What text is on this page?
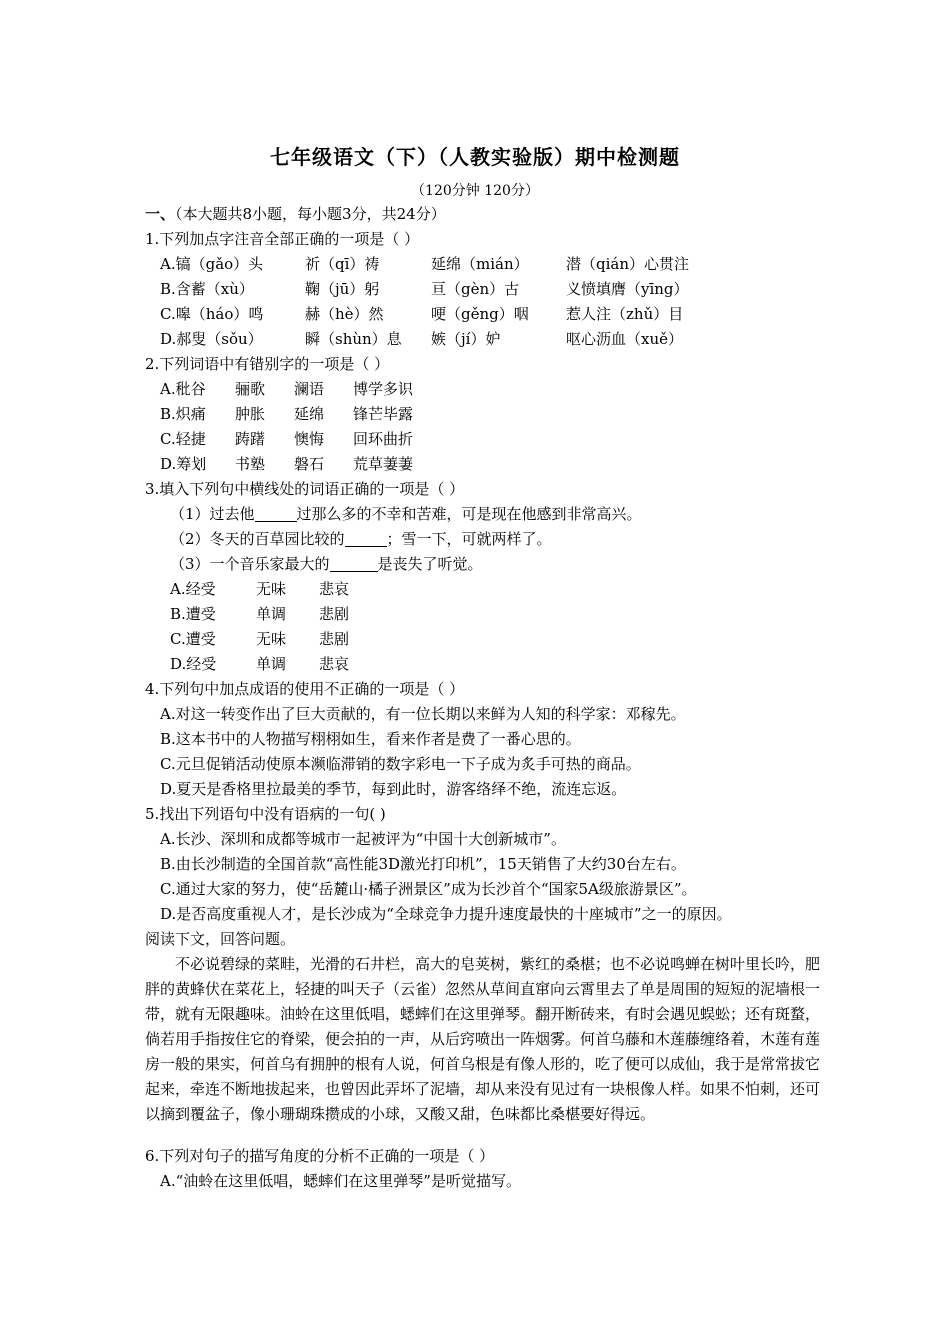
七年级语文（下）（人教实验版）期中检测题
（120分钟 120分）
一、（本大题共8小题，每小题3分，共24分）
1.下列加点字注音全部正确的一项是（ ）
A.镐（gǎo）头	祈（qī）祷	延绵（mián） 潜（qián）心贯注
B.含蓄（xù）	鞠（jū）躬	亘（gèn）古	义愤填膺（yīng）
C.嗥（háo）鸣	赫（hè）然	哽（gěng）咽 惹人注（zhǔ）目
D.郝叟（sǒu）	瞬（shùn）息 嫉（jí）妒	呕心沥血（xuě）
2.下列词语中有错别字的一项是（ ）
A.秕谷 骊歌 澜语 博学多识
B.炽痛 肿胀 延绵 锋芒毕露
C.轻捷 踌躇 懊悔 回环曲折
D.筹划 书塾 磐石 荒草萋萋
3.填入下列句中横线处的词语正确的一项是（ ）
（1）过去他	过那么多的不幸和苦难，可是现在他感到非常高兴。
（2）冬天的百草园比较的	；雪一下，可就两样了。
（3）一个音乐家最大的	是丧失了听觉。
A.经受	无味 悲哀
B.遭受	单调 悲剧
C.遭受	无味 悲剧
D.经受	单调 悲哀
4.下列句中加点成语的使用不正确的一项是（ ）
A.对这一转变作出了巨大贡献的，有一位长期以来鲜为人知的科学家：邓稼先。
B.这本书中的人物描写栩栩如生，看来作者是费了一番心思的。
C.元旦促销活动使原本濒临滞销的数字彩电一下子成为炙手可热的商品。
D.夏天是香格里拉最美的季节，每到此时，游客络绎不绝，流连忘返。
5.找出下列语句中没有语病的一句( )
A.长沙、深圳和成都等城市一起被评为“中国十大创新城市”。
B.由长沙制造的全国首款“高性能3D激光打印机”，15天销售了大约30台左右。
C.通过大家的努力，使“岳麓山·橘子洲景区”成为长沙首个“国家5A级旅游景区”。
D.是否高度重视人才，是长沙成为“全球竞争力提升速度最快的十座城市”之一的原因。
阅读下文，回答问题。
不必说碧绿的菜畦，光滑的石井栏，高大的皂荚树，紫红的桑椹；也不必说鸣蝉在树叶里长吟，肥胖的黄蜂伏在菜花上，轻捷的叫天子（云雀）忽然从草间直窜向云霄里去了单是周围的短短的泥墙根一带，就有无限趣味。油蛉在这里低唱，蟋蟀们在这里弹琴。翻开断砖来，有时会遇见蜈蚣；还有斑蝥，倘若用手指按住它的脊梁，便会拍的一声，从后窍喷出一阵烟雾。何首乌藤和木莲藤缠络着，木莲有莲房一般的果实，何首乌有拥肿的根有人说，何首乌根是有像人形的，吃了便可以成仙，我于是常常拔它起来，牵连不断地拔起来，也曾因此弄坏了泥墙，却从来没有见过有一块根像人样。如果不怕刺，还可以摘到覆盆子，像小珊瑚珠攒成的小球，又酸又甜，色味都比桑椹要好得远。
6.下列对句子的描写角度的分析不正确的一项是（ ）
A.“油蛉在这里低唱，蟋蟀们在这里弹琴”是听觉描写。
